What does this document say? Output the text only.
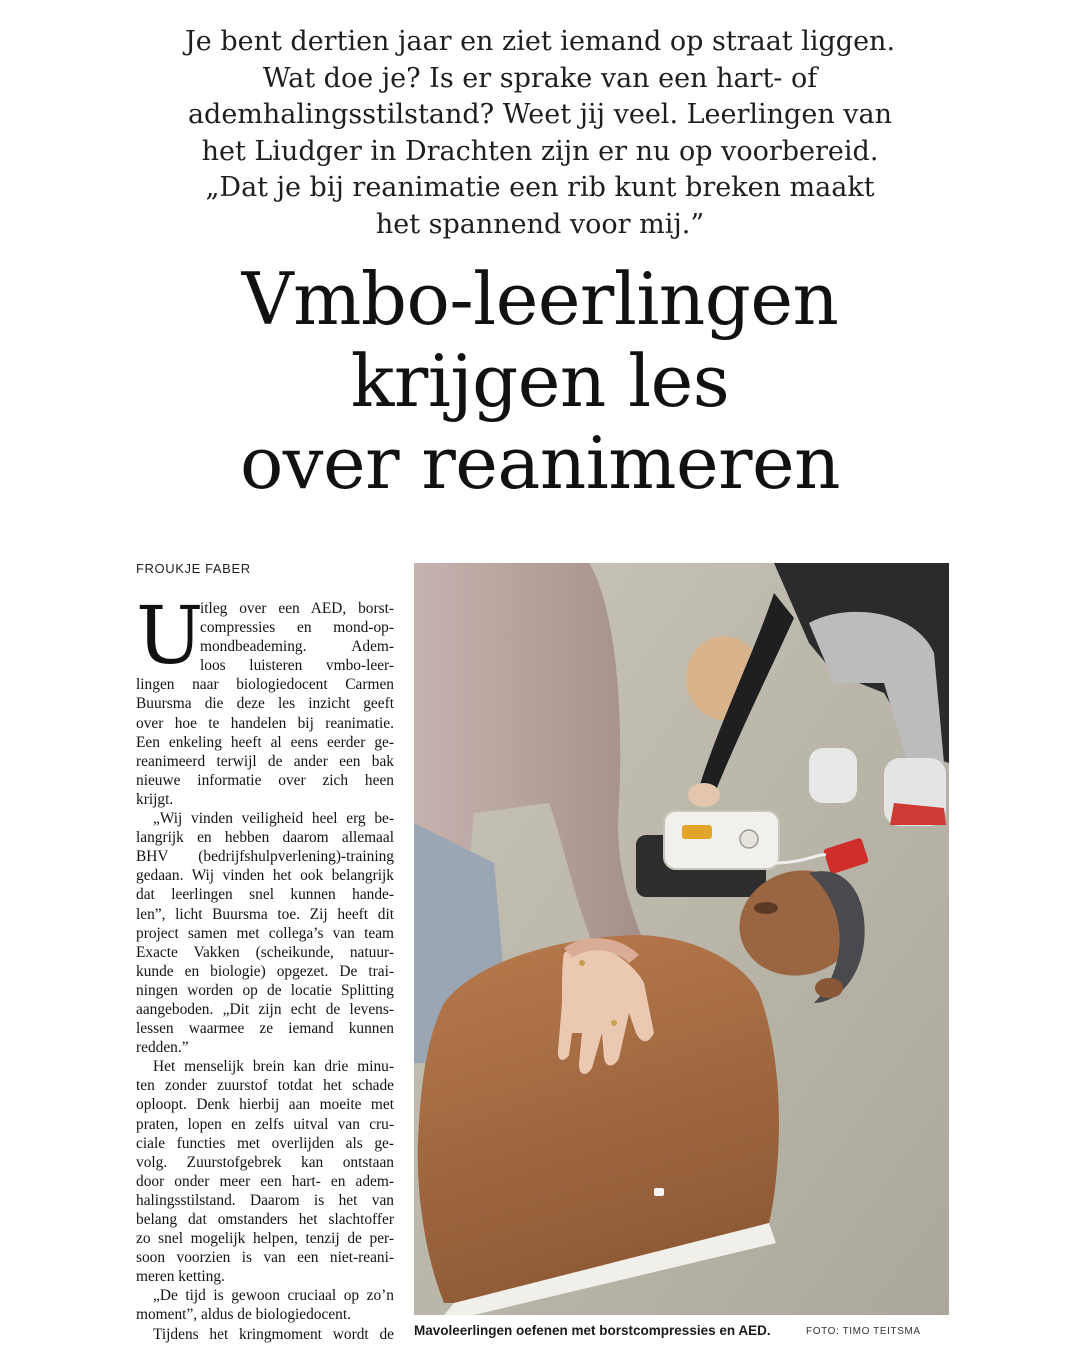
Je bent dertien jaar en ziet iemand op straat liggen.
Wat doe je? Is er sprake van een hart- of
ademhalingsstilstand? Weet jij veel. Leerlingen van
het Liudger in Drachten zijn er nu op voorbereid.
„Dat je bij reanimatie een rib kunt breken maakt
het spannend voor mij.”
Vmbo-leerlingen
krijgen les
over reanimeren
FROUKJE FABER
U
itleg over een AED, borst-
compressies en mond-op-
mondbeademing. Adem-
loos luisteren vmbo-leer-
lingen naar biologiedocent Carmen
Buursma die deze les inzicht geeft
over hoe te handelen bij reanimatie.
Een enkeling heeft al eens eerder ge-
reanimeerd terwijl de ander een bak
nieuwe informatie over zich heen
krijgt.
„Wij vinden veiligheid heel erg be-
langrijk en hebben daarom allemaal
BHV (bedrijfshulpverlening)-training
gedaan. Wij vinden het ook belangrijk
dat leerlingen snel kunnen hande-
len”, licht Buursma toe. Zij heeft dit
project samen met collega’s van team
Exacte Vakken (scheikunde, natuur-
kunde en biologie) opgezet. De trai-
ningen worden op de locatie Splitting
aangeboden. „Dit zijn echt de levens-
lessen waarmee ze iemand kunnen
redden.”
Het menselijk brein kan drie minu-
ten zonder zuurstof totdat het schade
oploopt. Denk hierbij aan moeite met
praten, lopen en zelfs uitval van cru-
ciale functies met overlijden als ge-
volg. Zuurstofgebrek kan ontstaan
door onder meer een hart- en adem-
halingsstilstand. Daarom is het van
belang dat omstanders het slachtoffer
zo snel mogelijk helpen, tenzij de per-
soon voorzien is van een niet-reani-
meren ketting.
„De tijd is gewoon cruciaal op zo’n
moment”, aldus de biologiedocent.
Tijdens het kringmoment wordt de Mavoleerlingen oefenen met borstcompressies en AED.	FOTO: TIMO TEITSMA
